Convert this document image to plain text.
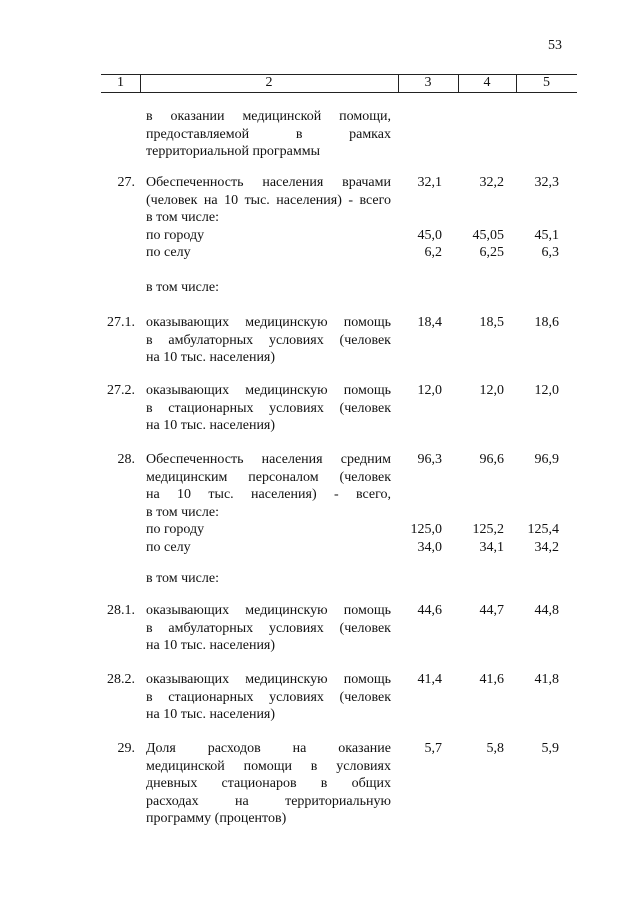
53
1	2	3	4	5
в оказании медицинской помощи,
предоставляемой в рамках
территориальной программы
27. Обеспеченность населения врачами
(человек на 10 тыс. населения) - всего
в том числе:
32,1	32,2	32,3
по городу	45,0	45,05	45,1
по селу	6,2	6,25	6,3
в том числе:
27.1. оказывающих медицинскую помощь
в амбулаторных условиях (человек
на 10 тыс. населения)
18,4	18,5	18,6
27.2. оказывающих медицинскую помощь
в стационарных условиях (человек
на 10 тыс. населения)
12,0	12,0	12,0
28. Обеспеченность населения средним
медицинским персоналом (человек
на 10 тыс. населения) - всего,
в том числе:
96,3	96,6	96,9
по городу	125,0	125,2	125,4
по селу	34,0	34,1	34,2
в том числе:
28.1. оказывающих медицинскую помощь
в амбулаторных условиях (человек
на 10 тыс. населения)
44,6	44,7	44,8
28.2. оказывающих медицинскую помощь
в стационарных условиях (человек
на 10 тыс. населения)
41,4	41,6	41,8
29. Доля расходов на оказание
медицинской помощи в условиях
дневных стационаров в общих
расходах на территориальную
программу (процентов)
5,7	5,8	5,9
